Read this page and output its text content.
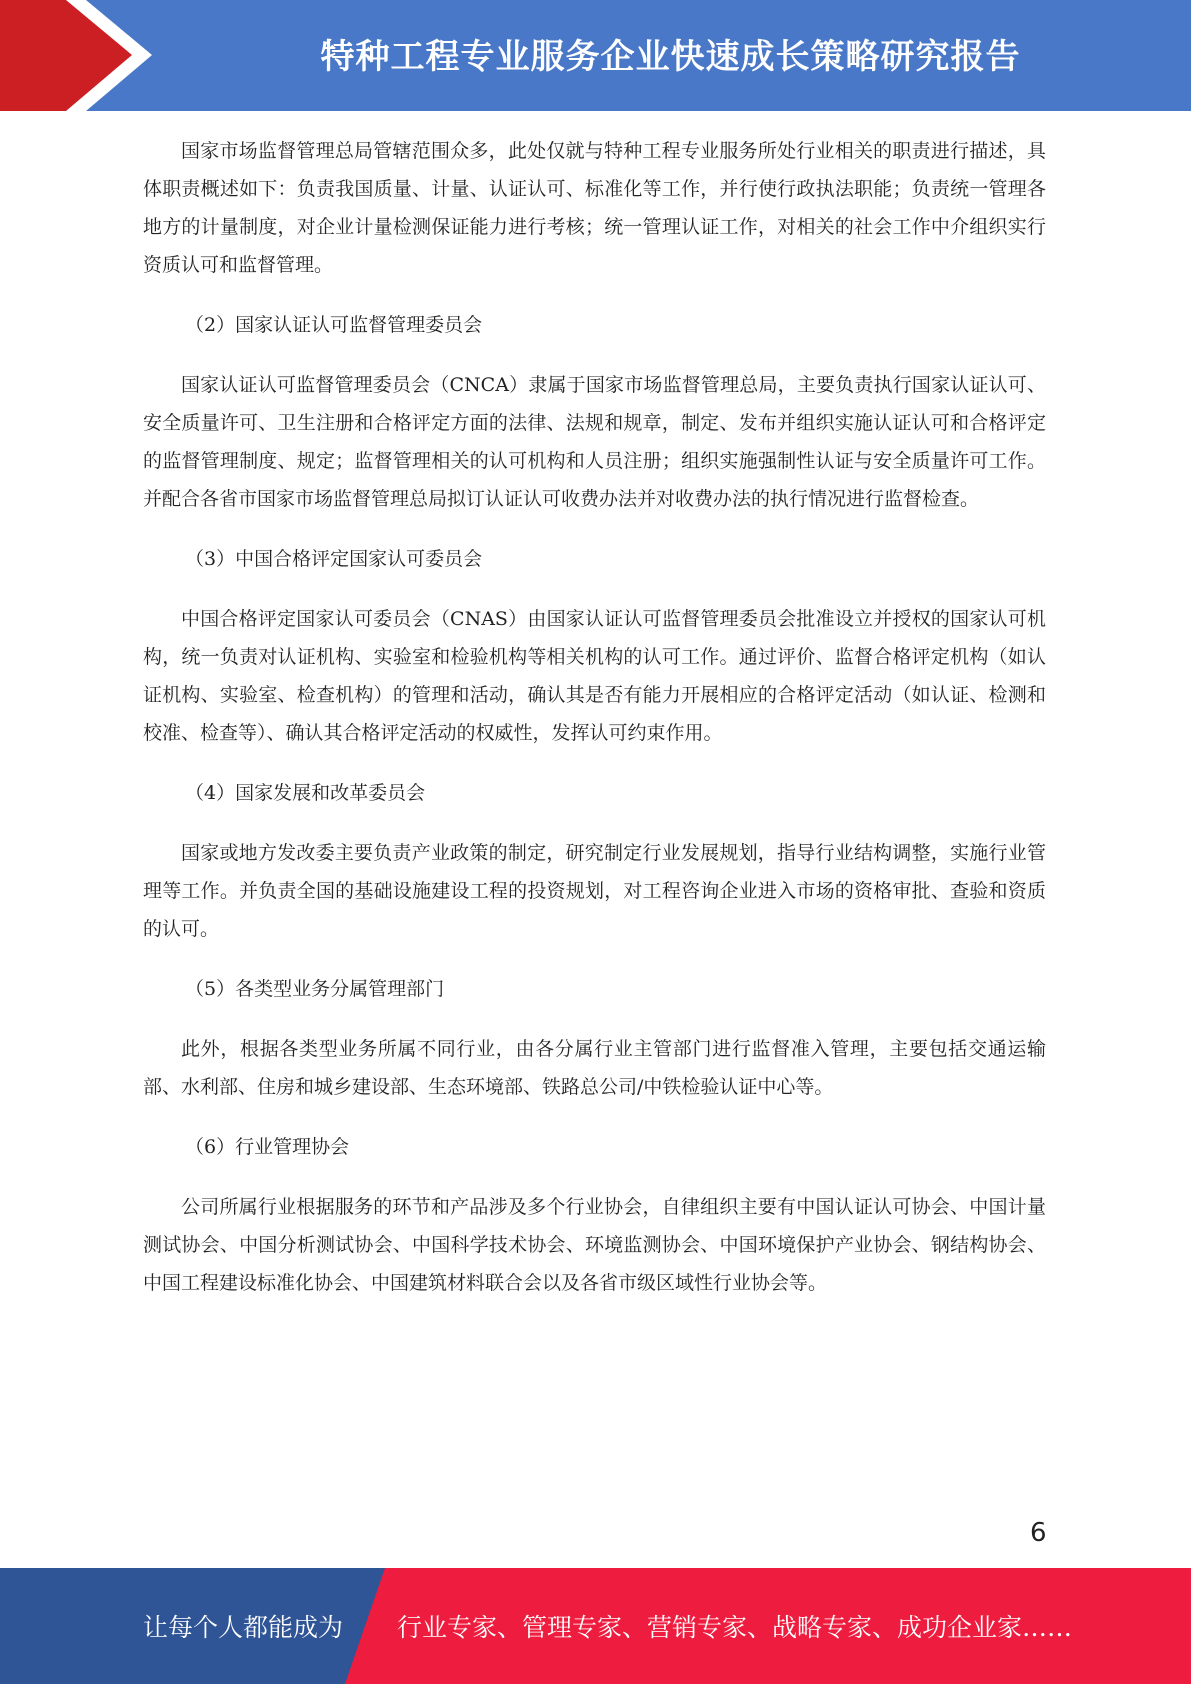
特种工程专业服务企业快速成长策略研究报告

国家市场监督管理总局管辖范围众多，此处仅就与特种工程专业服务所处行业相关的职责进行描述，具体职责概述如下：负责我国质量、计量、认证认可、标准化等工作，并行使行政执法职能；负责统一管理各地方的计量制度，对企业计量检测保证能力进行考核；统一管理认证工作，对相关的社会工作中介组织实行资质认可和监督管理。

（2）国家认证认可监督管理委员会

国家认证认可监督管理委员会（CNCA）隶属于国家市场监督管理总局，主要负责执行国家认证认可、安全质量许可、卫生注册和合格评定方面的法律、法规和规章，制定、发布并组织实施认证认可和合格评定的监督管理制度、规定；监督管理相关的认可机构和人员注册；组织实施强制性认证与安全质量许可工作。并配合各省市国家市场监督管理总局拟订认证认可收费办法并对收费办法的执行情况进行监督检查。

（3）中国合格评定国家认可委员会

中国合格评定国家认可委员会（CNAS）由国家认证认可监督管理委员会批准设立并授权的国家认可机构，统一负责对认证机构、实验室和检验机构等相关机构的认可工作。通过评价、监督合格评定机构（如认证机构、实验室、检查机构）的管理和活动，确认其是否有能力开展相应的合格评定活动（如认证、检测和校准、检查等）、确认其合格评定活动的权威性，发挥认可约束作用。

（4）国家发展和改革委员会

国家或地方发改委主要负责产业政策的制定，研究制定行业发展规划，指导行业结构调整，实施行业管理等工作。并负责全国的基础设施建设工程的投资规划，对工程咨询企业进入市场的资格审批、查验和资质的认可。

（5）各类型业务分属管理部门

此外，根据各类型业务所属不同行业，由各分属行业主管部门进行监督准入管理，主要包括交通运输部、水利部、住房和城乡建设部、生态环境部、铁路总公司/中铁检验认证中心等。

（6）行业管理协会

公司所属行业根据服务的环节和产品涉及多个行业协会，自律组织主要有中国认证认可协会、中国计量测试协会、中国分析测试协会、中国科学技术协会、环境监测协会、中国环境保护产业协会、钢结构协会、中国工程建设标准化协会、中国建筑材料联合会以及各省市级区域性行业协会等。

6
让每个人都能成为 行业专家、管理专家、营销专家、战略专家、成功企业家……
